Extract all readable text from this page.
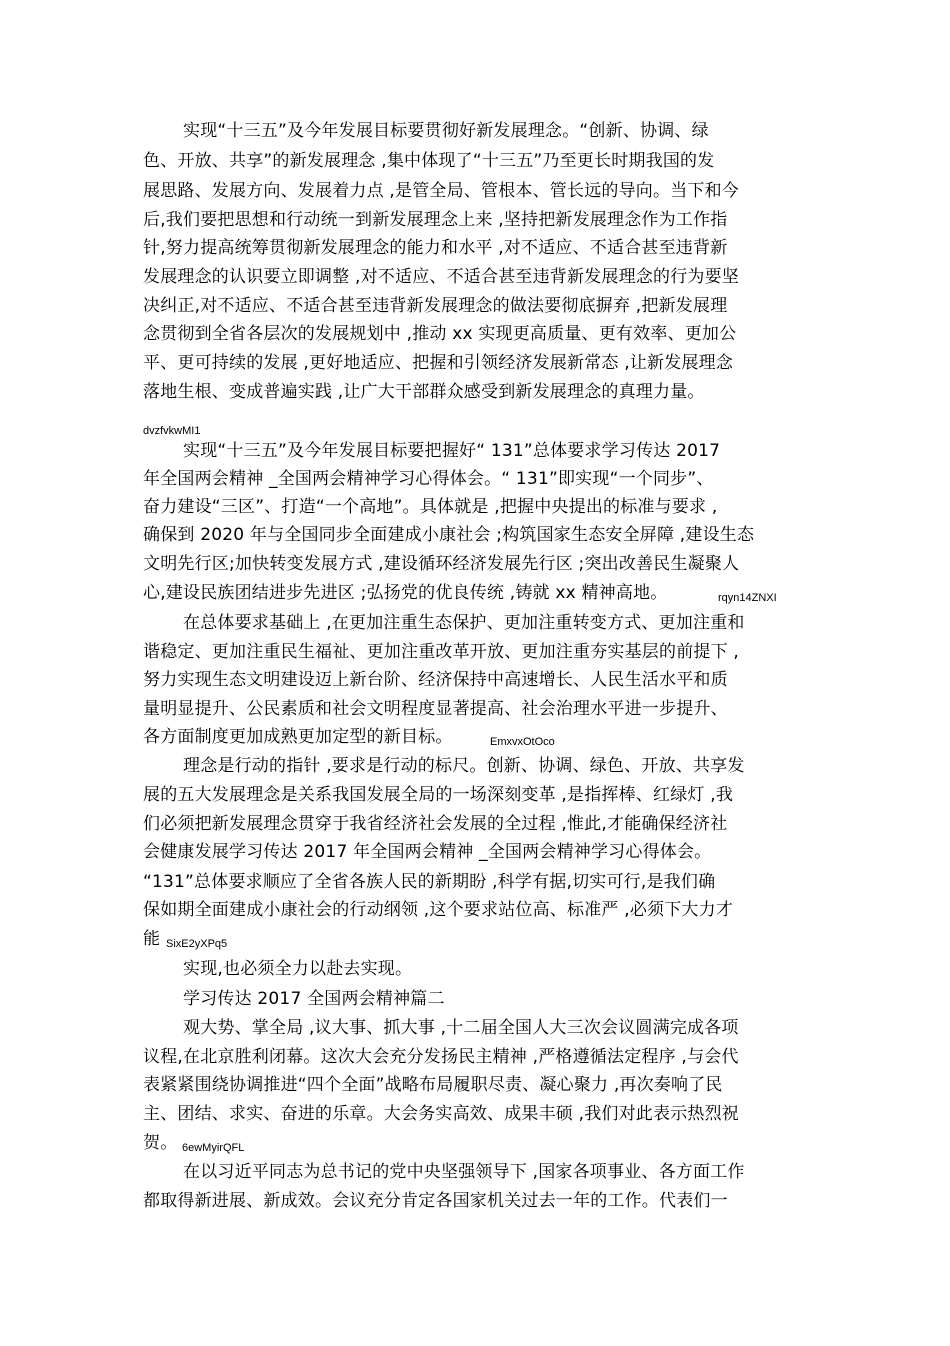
实现“十三五”及今年发展目标要贯彻好新发展理念。“创新、协调、绿
色、开放、共享”的新发展理念 ,集中体现了“十三五”乃至更长时期我国的发
展思路、发展方向、发展着力点 ,是管全局、管根本、管长远的导向。当下和今
后,我们要把思想和行动统一到新发展理念上来 ,坚持把新发展理念作为工作指
针,努力提高统筹贯彻新发展理念的能力和水平 ,对不适应、不适合甚至违背新
发展理念的认识要立即调整 ,对不适应、不适合甚至违背新发展理念的行为要坚
决纠正,对不适应、不适合甚至违背新发展理念的做法要彻底摒弃 ,把新发展理
念贯彻到全省各层次的发展规划中 ,推动 xx 实现更高质量、更有效率、更加公
平、更可持续的发展 ,更好地适应、把握和引领经济发展新常态 ,让新发展理念
落地生根、变成普遍实践 ,让广大干部群众感受到新发展理念的真理力量。
dvzfvkwMI1
实现“十三五”及今年发展目标要把握好“ 131”总体要求学习传达 2017
年全国两会精神 _全国两会精神学习心得体会。“ 131”即实现“一个同步”、
奋力建设“三区”、打造“一个高地”。具体就是 ,把握中央提出的标准与要求 ,
确保到 2020 年与全国同步全面建成小康社会 ;构筑国家生态安全屏障 ,建设生态
文明先行区;加快转变发展方式 ,建设循环经济发展先行区 ;突出改善民生凝聚人
心,建设民族团结进步先进区 ;弘扬党的优良传统 ,铸就 xx 精神高地。	rqyn14ZNXI
在总体要求基础上 ,在更加注重生态保护、更加注重转变方式、更加注重和
谐稳定、更加注重民生福祉、更加注重改革开放、更加注重夯实基层的前提下 ,
努力实现生态文明建设迈上新台阶、经济保持中高速增长、人民生活水平和质
量明显提升、公民素质和社会文明程度显著提高、社会治理水平进一步提升、
各方面制度更加成熟更加定型的新目标。	EmxvxOtOco
理念是行动的指针 ,要求是行动的标尺。创新、协调、绿色、开放、共享发
展的五大发展理念是关系我国发展全局的一场深刻变革 ,是指挥棒、红绿灯 ,我
们必须把新发展理念贯穿于我省经济社会发展的全过程 ,惟此,才能确保经济社
会健康发展学习传达 2017 年全国两会精神 _全国两会精神学习心得体会。
“131”总体要求顺应了全省各族人民的新期盼 ,科学有据,切实可行,是我们确
保如期全面建成小康社会的行动纲领 ,这个要求站位高、标准严 ,必须下大力才
能 SixE2yXPq5
实现,也必须全力以赴去实现。
学习传达 2017 全国两会精神篇二
观大势、掌全局 ,议大事、抓大事 ,十二届全国人大三次会议圆满完成各项
议程,在北京胜利闭幕。这次大会充分发扬民主精神 ,严格遵循法定程序 ,与会代
表紧紧围绕协调推进“四个全面”战略布局履职尽责、凝心聚力 ,再次奏响了民
主、团结、求实、奋进的乐章。大会务实高效、成果丰硕 ,我们对此表示热烈祝
贺。 6ewMyirQFL
在以习近平同志为总书记的党中央坚强领导下 ,国家各项事业、各方面工作
都取得新进展、新成效。会议充分肯定各国家机关过去一年的工作。代表们一
